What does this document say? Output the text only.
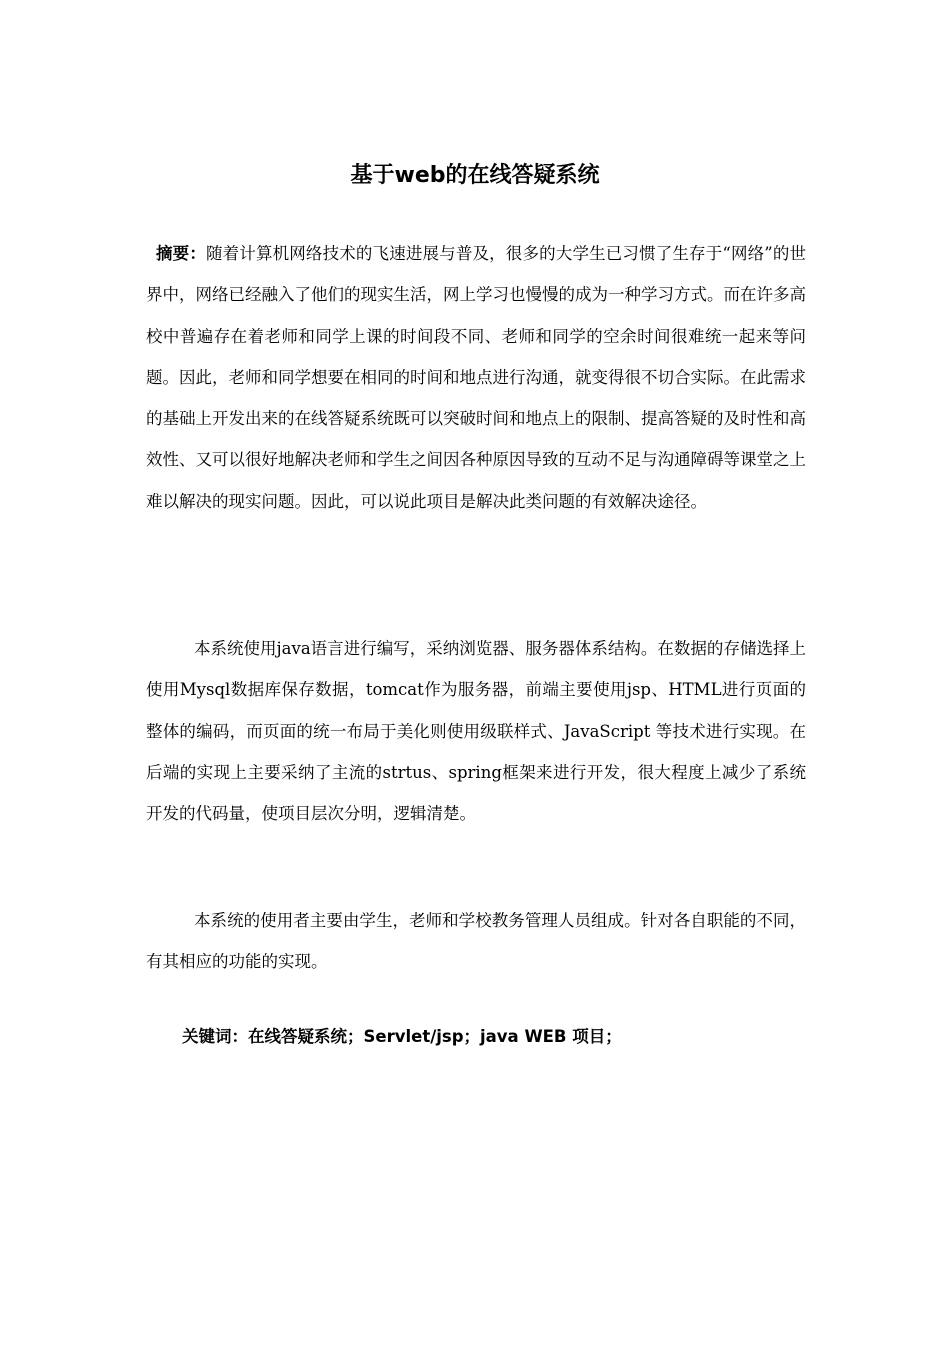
基于web的在线答疑系统

摘要：随着计算机网络技术的飞速进展与普及，很多的大学生已习惯了生存于“网络”的世界中，网络已经融入了他们的现实生活，网上学习也慢慢的成为一种学习方式。而在许多高校中普遍存在着老师和同学上课的时间段不同、老师和同学的空余时间很难统一起来等问题。因此，老师和同学想要在相同的时间和地点进行沟通，就变得很不切合实际。在此需求的基础上开发出来的在线答疑系统既可以突破时间和地点上的限制、提高答疑的及时性和高效性、又可以很好地解决老师和学生之间因各种原因导致的互动不足与沟通障碍等课堂之上难以解决的现实问题。因此，可以说此项目是解决此类问题的有效解决途径。

本系统使用java语言进行编写，采纳浏览器、服务器体系结构。在数据的存储选择上使用Mysql数据库保存数据，tomcat作为服务器，前端主要使用jsp、HTML进行页面的整体的编码，而页面的统一布局于美化则使用级联样式、JavaScript 等技术进行实现。在后端的实现上主要采纳了主流的strtus、spring框架来进行开发，很大程度上减少了系统开发的代码量，使项目层次分明，逻辑清楚。

本系统的使用者主要由学生，老师和学校教务管理人员组成。针对各自职能的不同，有其相应的功能的实现。

关键词：在线答疑系统；Servlet/jsp；java WEB 项目；
